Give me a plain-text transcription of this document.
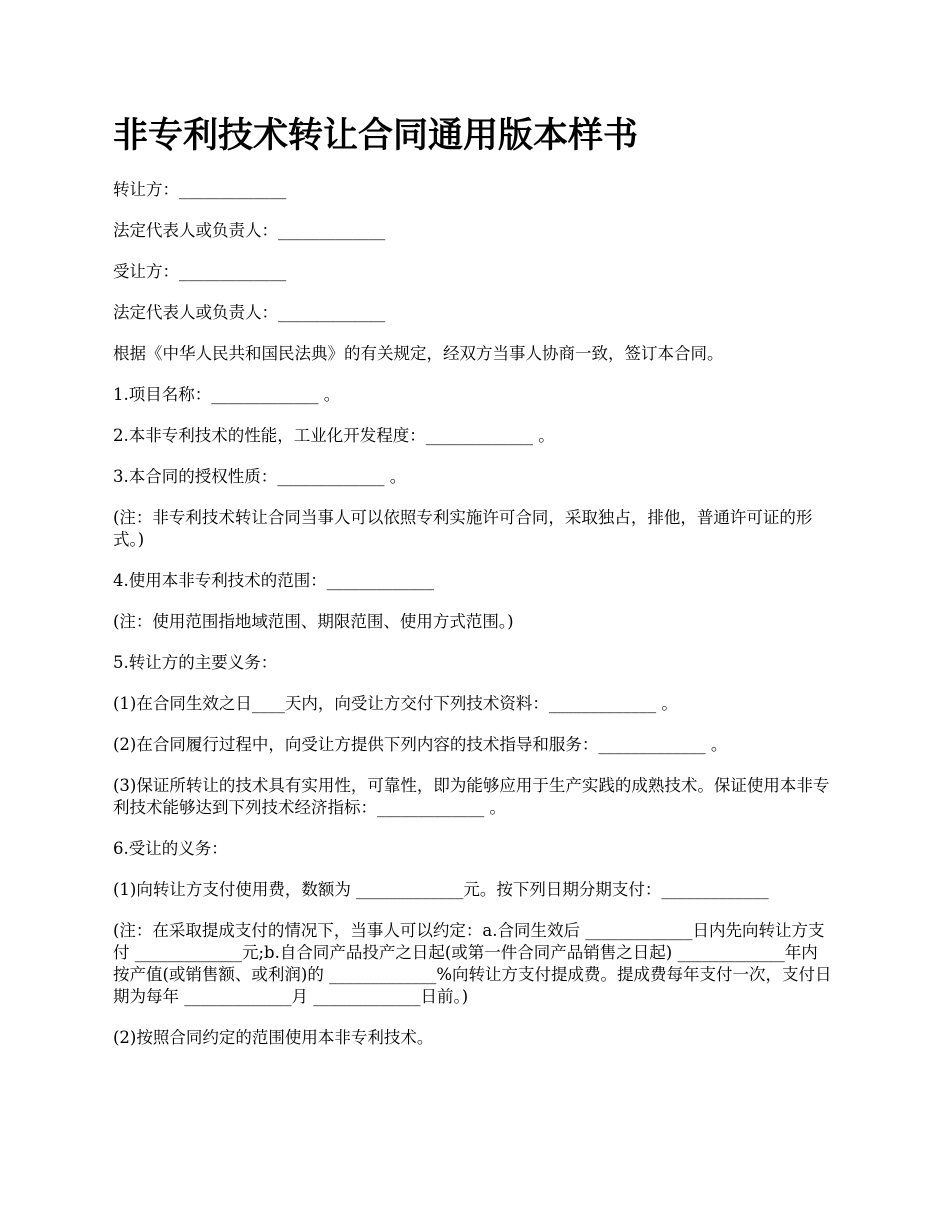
非专利技术转让合同通用版本样书

转让方：_____________

法定代表人或负责人：_____________

受让方：_____________

法定代表人或负责人：_____________

根据《中华人民共和国民法典》的有关规定，经双方当事人协商一致，签订本合同。

1.项目名称：_____________ 。

2.本非专利技术的性能，工业化开发程度：_____________ 。

3.本合同的授权性质：_____________ 。

(注：非专利技术转让合同当事人可以依照专利实施许可合同，采取独占，排他，普通许可证的形式。)

4.使用本非专利技术的范围：_____________

(注：使用范围指地域范围、期限范围、使用方式范围。)

5.转让方的主要义务：

(1)在合同生效之日____天内，向受让方交付下列技术资料：_____________ 。

(2)在合同履行过程中，向受让方提供下列内容的技术指导和服务：_____________ 。

(3)保证所转让的技术具有实用性，可靠性，即为能够应用于生产实践的成熟技术。保证使用本非专利技术能够达到下列技术经济指标：_____________ 。

6.受让的义务：

(1)向转让方支付使用费，数额为 _____________元。按下列日期分期支付：_____________

(注：在采取提成支付的情况下，当事人可以约定：a.合同生效后 _____________日内先向转让方支付 _____________元;b.自合同产品投产之日起(或第一件合同产品销售之日起) _____________年内按产值(或销售额、或利润)的 _____________%向转让方支付提成费。提成费每年支付一次，支付日期为每年 _____________月 _____________日前。)

(2)按照合同约定的范围使用本非专利技术。
